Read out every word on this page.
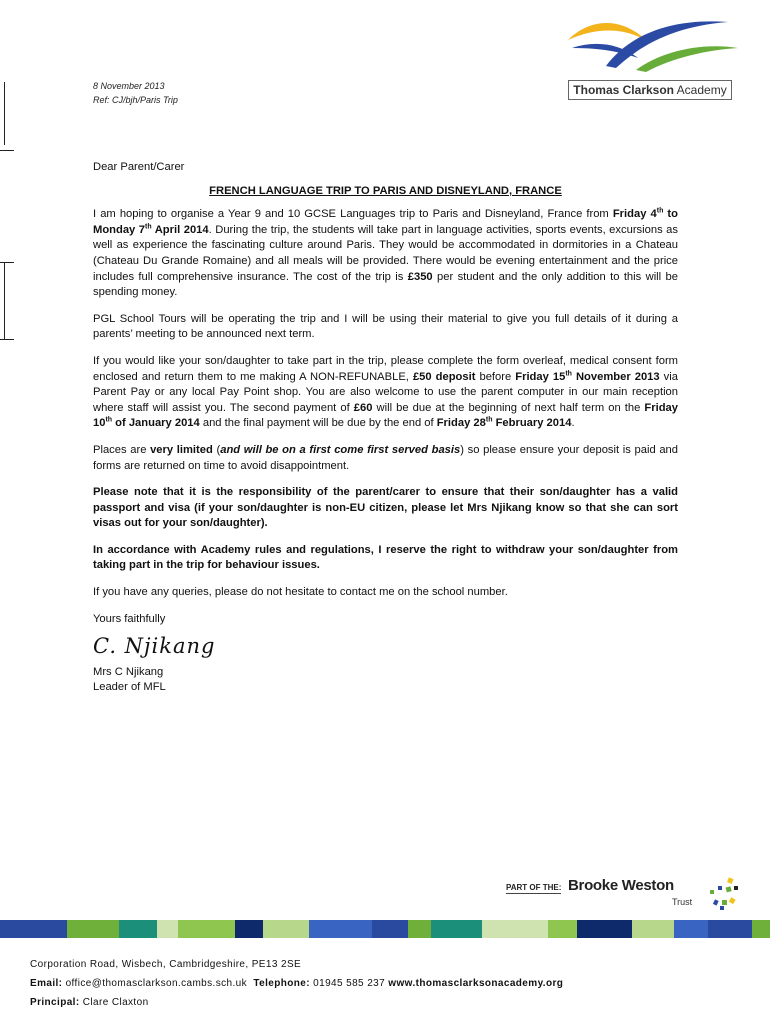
Thomas Clarkson Academy
8 November 2013
Ref: CJ/bjh/Paris Trip

Dear Parent/Carer

FRENCH LANGUAGE TRIP TO PARIS AND DISNEYLAND, FRANCE

I am hoping to organise a Year 9 and 10 GCSE Languages trip to Paris and Disneyland, France from Friday 4th to Monday 7th April 2014. During the trip, the students will take part in language activities, sports events, excursions as well as experience the fascinating culture around Paris. They would be accommodated in dormitories in a Chateau (Chateau Du Grande Romaine) and all meals will be provided. There would be evening entertainment and the price includes full comprehensive insurance. The cost of the trip is £350 per student and the only addition to this will be spending money.

PGL School Tours will be operating the trip and I will be using their material to give you full details of it during a parents’ meeting to be announced next term.

If you would like your son/daughter to take part in the trip, please complete the form overleaf, medical consent form enclosed and return them to me making A NON-REFUNABLE, £50 deposit before Friday 15th November 2013 via Parent Pay or any local Pay Point shop. You are also welcome to use the parent computer in our main reception where staff will assist you. The second payment of £60 will be due at the beginning of next half term on the Friday 10th of January 2014 and the final payment will be due by the end of Friday 28th February 2014.

Places are very limited (and will be on a first come first served basis) so please ensure your deposit is paid and forms are returned on time to avoid disappointment.

Please note that it is the responsibility of the parent/carer to ensure that their son/daughter has a valid passport and visa (if your son/daughter is non-EU citizen, please let Mrs Njikang know so that she can sort visas out for your son/daughter).

In accordance with Academy rules and regulations, I reserve the right to withdraw your son/daughter from taking part in the trip for behaviour issues.

If you have any queries, please do not hesitate to contact me on the school number.

Yours faithfully

C. Njikang

Mrs C Njikang

Leader of MFL

PART OF THE: Brooke Weston
Trust
Corporation Road, Wisbech, Cambridgeshire, PE13 2SE
Email: office@thomasclarkson.cambs.sch.uk Telephone: 01945 585 237 www.thomasclarksonacademy.org
Principal: Clare Claxton
